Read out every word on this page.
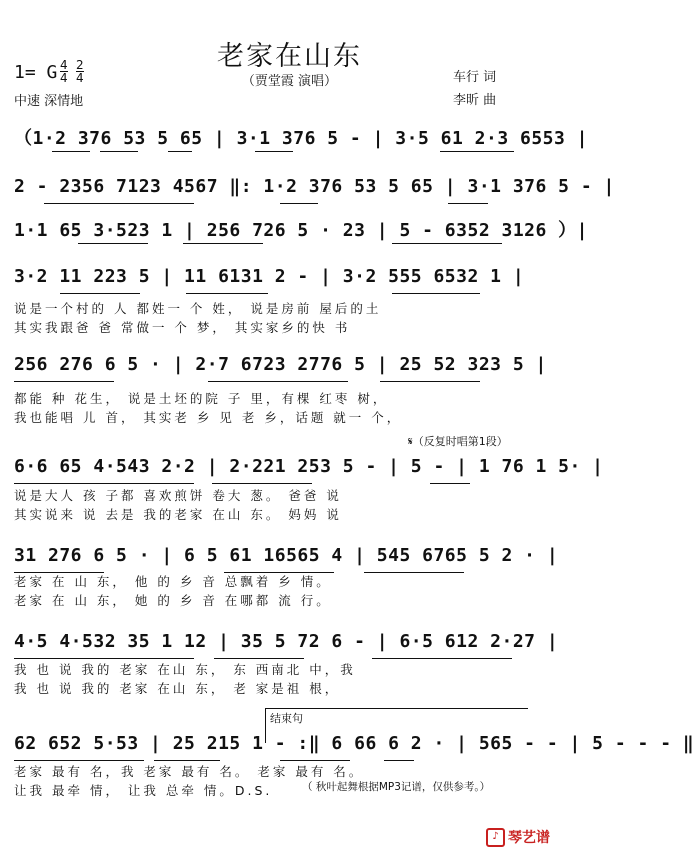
老家在山东
（贾堂霞 演唱）
1= G 4
4
2
4
中速 深情地
车行 词
李昕 曲
（1·2 376 53 5 65 | 3·1 376 5 - | 3·5 61 2·3 6553 |
2 - 2356 7123 4567 ‖: 1·2 376 53 5 65 | 3·1 376 5 - |
1·1 65 3·523 1 | 256 726 5 · 23 | 5 - 6352 3126 ）|
3·2 11 223 5 | 11 6131 2 - | 3·2 555 6532 1 |
说是一个村的 人 都姓一 个 姓， 说是房前 屋后的土
其实我跟爸 爸 常做一 个 梦， 其实家乡的快 书
256 276 6 5 · | 2·7 6723 2776 5 | 25 52 323 5 |
都能 种 花生， 说是土坯的院 子 里，有棵 红枣 树，
我也能唱 儿 首， 其实老 乡 见 老 乡，话题 就一 个，
𝄋（反复时唱第1段）
6·6 65 4·543 2·2 | 2·221 253 5 - | 5 - | 1 76 1 5· |
说是大人 孩 子都 喜欢煎饼 卷大 葱。 爸爸 说
其实说来 说 去是 我的老家 在山 东。 妈妈 说
31 276 6 5 · | 6 5 61 16565 4 | 545 6765 5 2 · |
老家 在 山 东， 他 的 乡 音 总飘着 乡 情。
老家 在 山 东， 她 的 乡 音 在哪都 流 行。
4·5 4·532 35 1 12 | 35 5 72 6 - | 6·5 612 2·27 |
我 也 说 我的 老家 在山 东， 东 西南北 中，我
我 也 说 我的 老家 在山 东， 老 家是祖 根，
结束句
62 652 5·53 | 25 215 1 - :‖ 6 66 6 2 · | 565 - - | 5 - - - ‖
老家 最有 名，我 老家 最有 名。 老家 最有 名。
让我 最牵 情， 让我 总牵 情。D.S.	（ 秋叶起舞根据MP3记谱，仅供参考。）
♪ 琴艺谱
